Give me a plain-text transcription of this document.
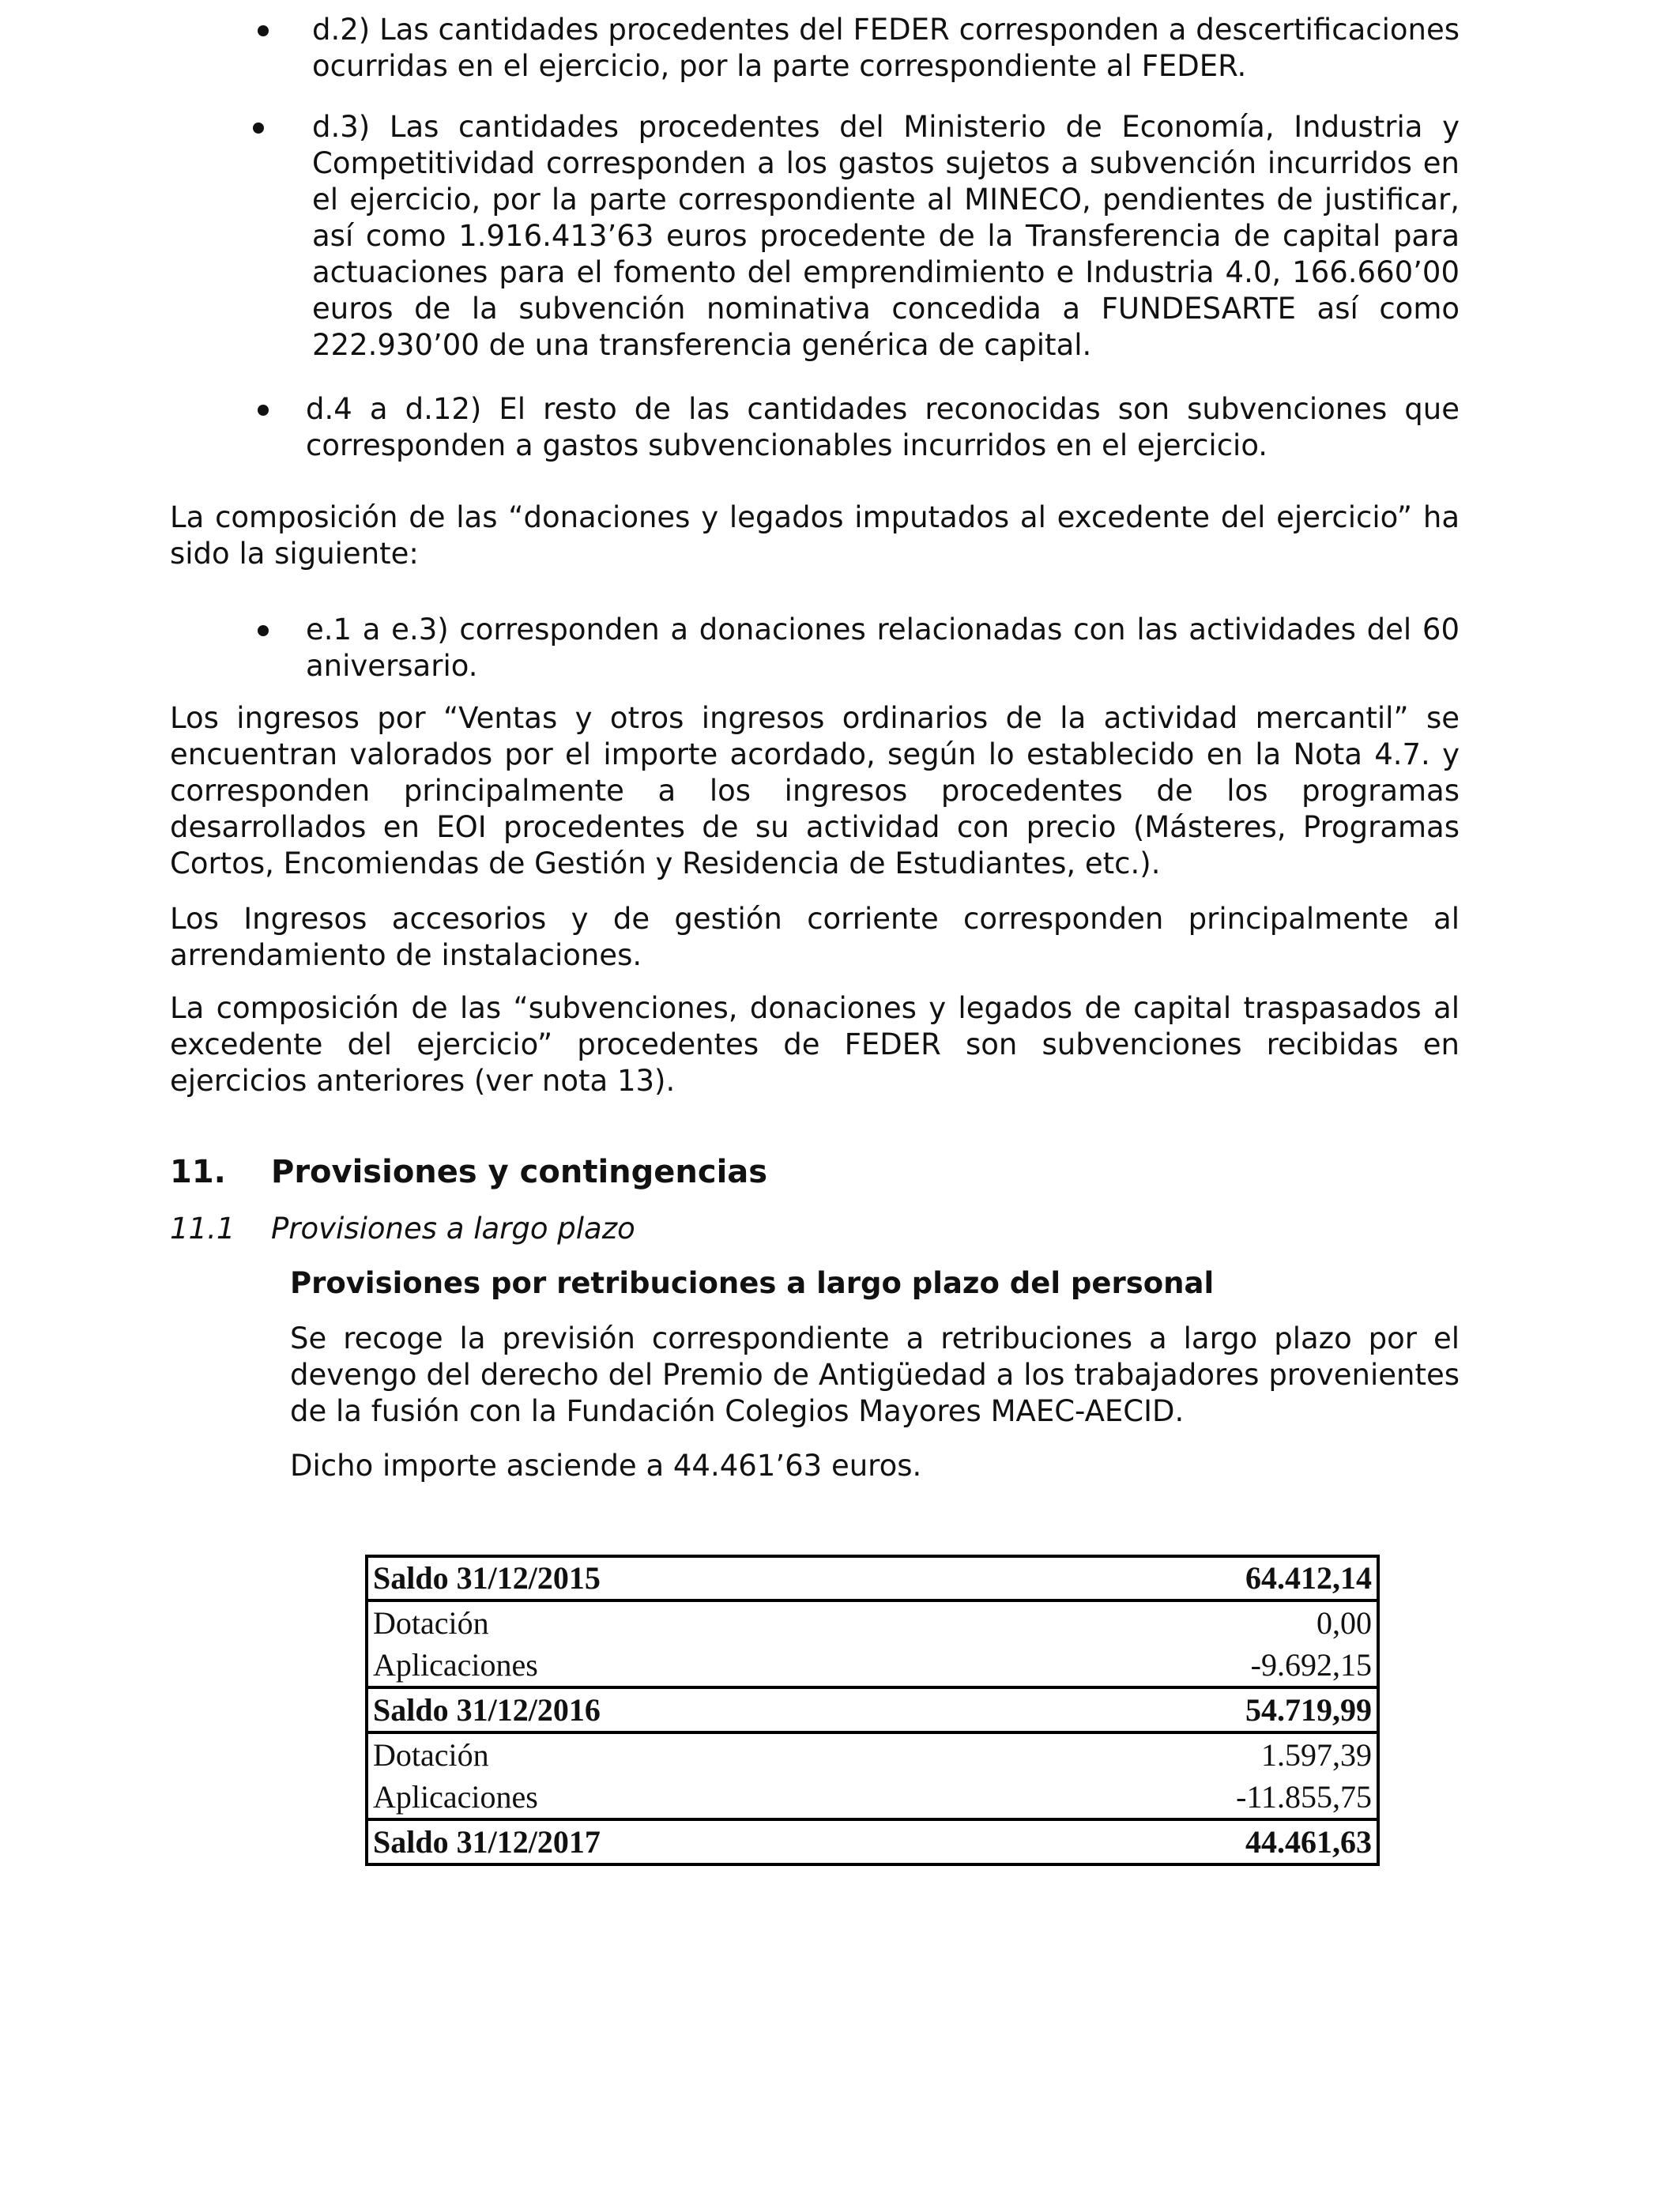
d.2) Las cantidades procedentes del FEDER corresponden a descertificaciones ocurridas en el ejercicio, por la parte correspondiente al FEDER.

d.3) Las cantidades procedentes del Ministerio de Economía, Industria y Competitividad corresponden a los gastos sujetos a subvención incurridos en el ejercicio, por la parte correspondiente al MINECO, pendientes de justificar, así como 1.916.413’63 euros procedente de la Transferencia de capital para actuaciones para el fomento del emprendimiento e Industria 4.0, 166.660’00 euros de la subvención nominativa concedida a FUNDESARTE así como 222.930’00 de una transferencia genérica de capital.

d.4 a d.12) El resto de las cantidades reconocidas son subvenciones que corresponden a gastos subvencionables incurridos en el ejercicio.

La composición de las “donaciones y legados imputados al excedente del ejercicio” ha sido la siguiente:

e.1 a e.3) corresponden a donaciones relacionadas con las actividades del 60 aniversario.

Los ingresos por “Ventas y otros ingresos ordinarios de la actividad mercantil” se encuentran valorados por el importe acordado, según lo establecido en la Nota 4.7. y corresponden principalmente a los ingresos procedentes de los programas desarrollados en EOI procedentes de su actividad con precio (Másteres, Programas Cortos, Encomiendas de Gestión y Residencia de Estudiantes, etc.).

Los Ingresos accesorios y de gestión corriente corresponden principalmente al arrendamiento de instalaciones.

La composición de las “subvenciones, donaciones y legados de capital traspasados al excedente del ejercicio” procedentes de FEDER son subvenciones recibidas en ejercicios anteriores (ver nota 13).

11. Provisiones y contingencias
11.1 Provisiones a largo plazo
Provisiones por retribuciones a largo plazo del personal

Se recoge la previsión correspondiente a retribuciones a largo plazo por el devengo del derecho del Premio de Antigüedad a los trabajadores provenientes de la fusión con la Fundación Colegios Mayores MAEC-AECID.

Dicho importe asciende a 44.461’63 euros.

Saldo 31/12/2015	64.412,14
Dotación	0,00
Aplicaciones	-9.692,15
Saldo 31/12/2016	54.719,99
Dotación	1.597,39
Aplicaciones	-11.855,75
Saldo 31/12/2017	44.461,63
